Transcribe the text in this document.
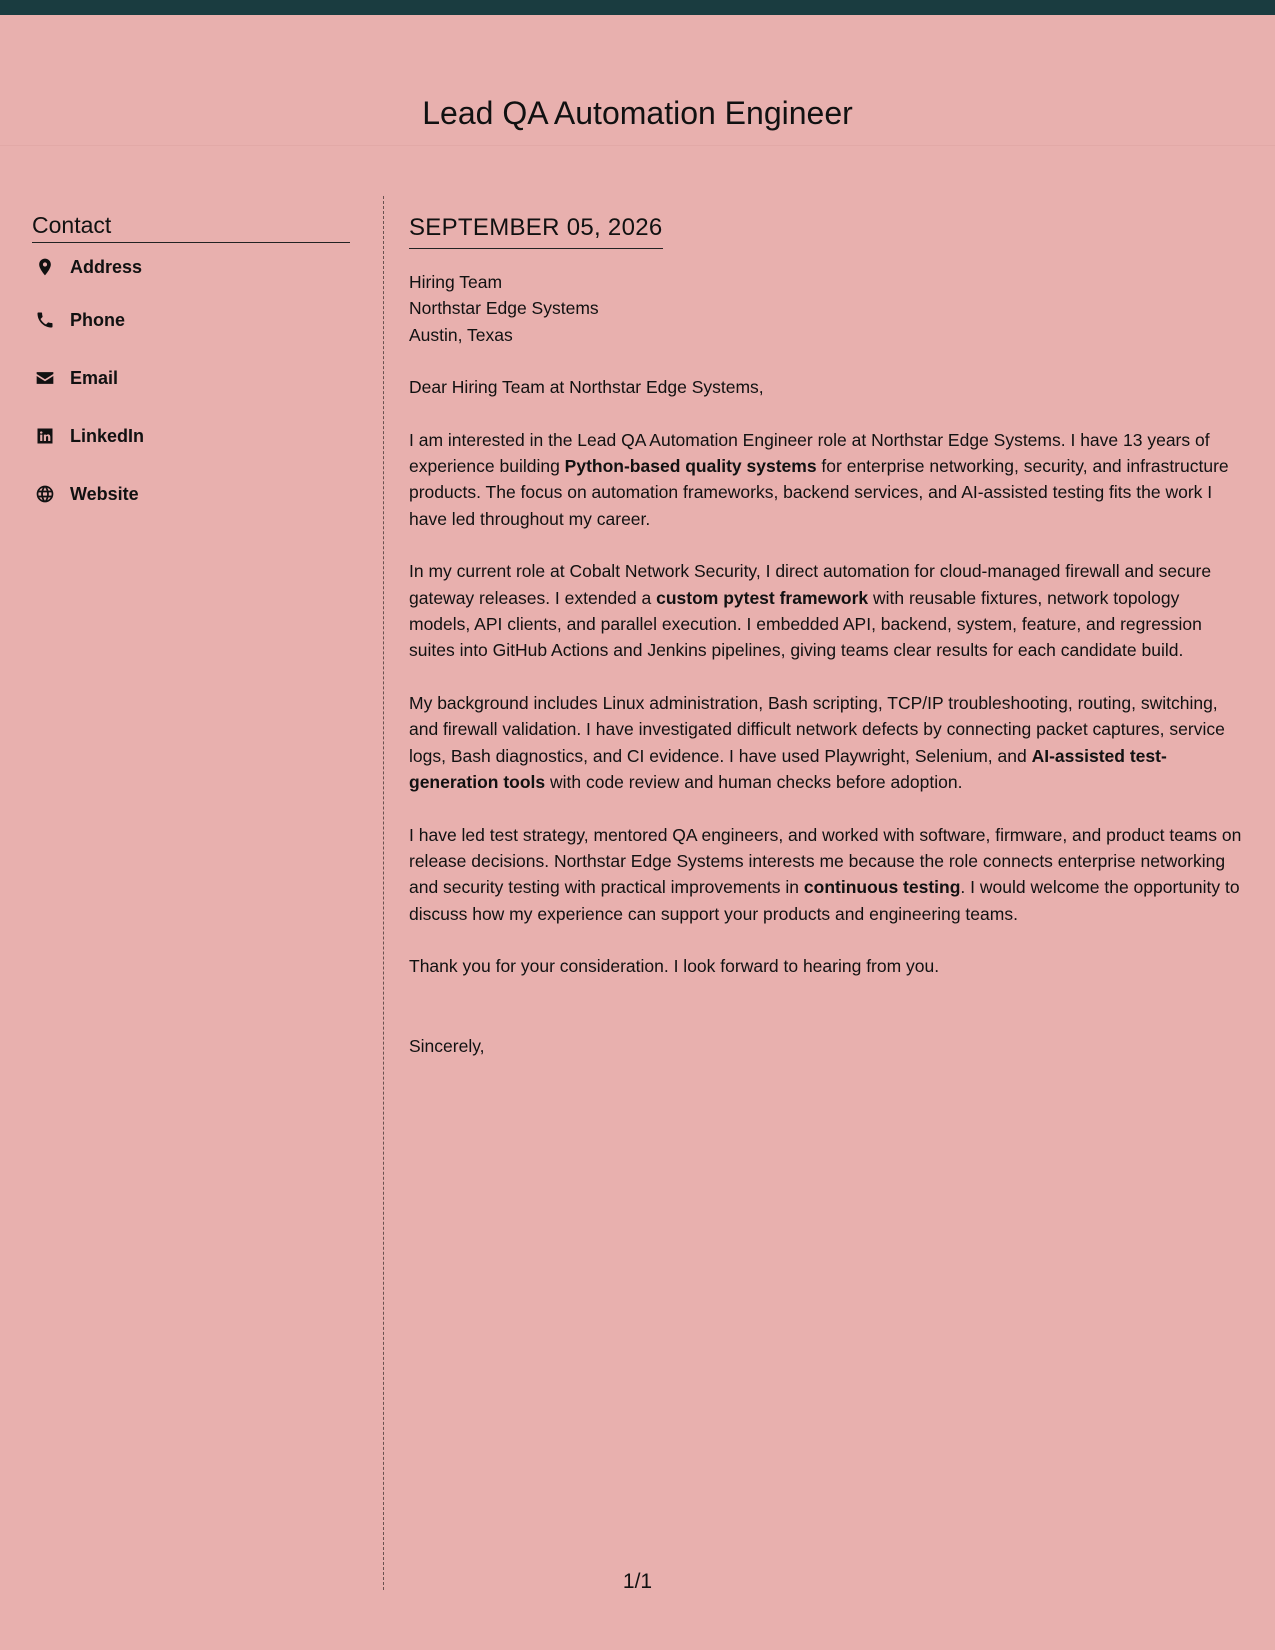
Lead QA Automation Engineer
Contact
Address
Phone
Email
LinkedIn
Website
SEPTEMBER 05, 2026

Hiring Team

Northstar Edge Systems

Austin, Texas

Dear Hiring Team at Northstar Edge Systems,

I am interested in the Lead QA Automation Engineer role at Northstar Edge Systems. I have 13 years of experience building Python-based quality systems for enterprise networking, security, and infrastructure products. The focus on automation frameworks, backend services, and AI-assisted testing fits the work I have led throughout my career.

In my current role at Cobalt Network Security, I direct automation for cloud-managed firewall and secure gateway releases. I extended a custom pytest framework with reusable fixtures, network topology models, API clients, and parallel execution. I embedded API, backend, system, feature, and regression suites into GitHub Actions and Jenkins pipelines, giving teams clear results for each candidate build.

My background includes Linux administration, Bash scripting, TCP/IP troubleshooting, routing, switching, and firewall validation. I have investigated difficult network defects by connecting packet captures, service logs, Bash diagnostics, and CI evidence. I have used Playwright, Selenium, and AI-assisted test-generation tools with code review and human checks before adoption.

I have led test strategy, mentored QA engineers, and worked with software, firmware, and product teams on release decisions. Northstar Edge Systems interests me because the role connects enterprise networking and security testing with practical improvements in continuous testing. I would welcome the opportunity to discuss how my experience can support your products and engineering teams.

Thank you for your consideration. I look forward to hearing from you.

Sincerely,

1/1
